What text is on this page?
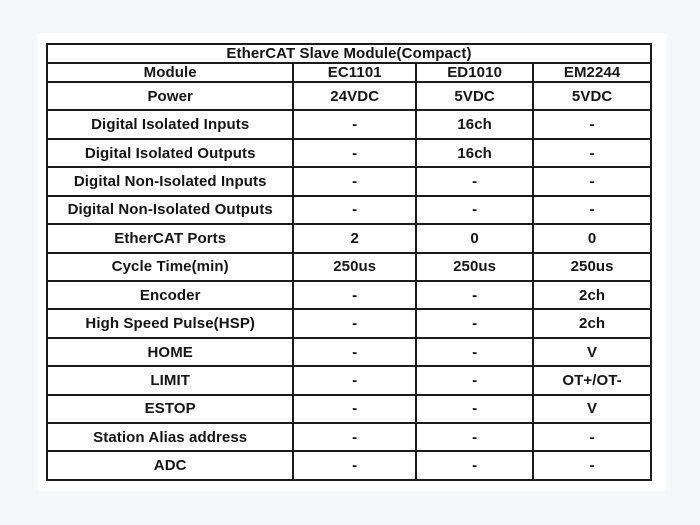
EtherCAT Slave Module(Compact)			
Module	EC1101	ED1010	EM2244
Power	24VDC	5VDC	5VDC
Digital Isolated Inputs	-	16ch	-
Digital Isolated Outputs	-	16ch	-
Digital Non-Isolated Inputs	-	-	-
Digital Non-Isolated Outputs	-	-	-
EtherCAT Ports	2	0	0
Cycle Time(min)	250us	250us	250us
Encoder	-	-	2ch
High Speed Pulse(HSP)	-	-	2ch
HOME	-	-	V
LIMIT	-	-	OT+/OT-
ESTOP	-	-	V
Station Alias address	-	-	-
ADC	-	-	-
